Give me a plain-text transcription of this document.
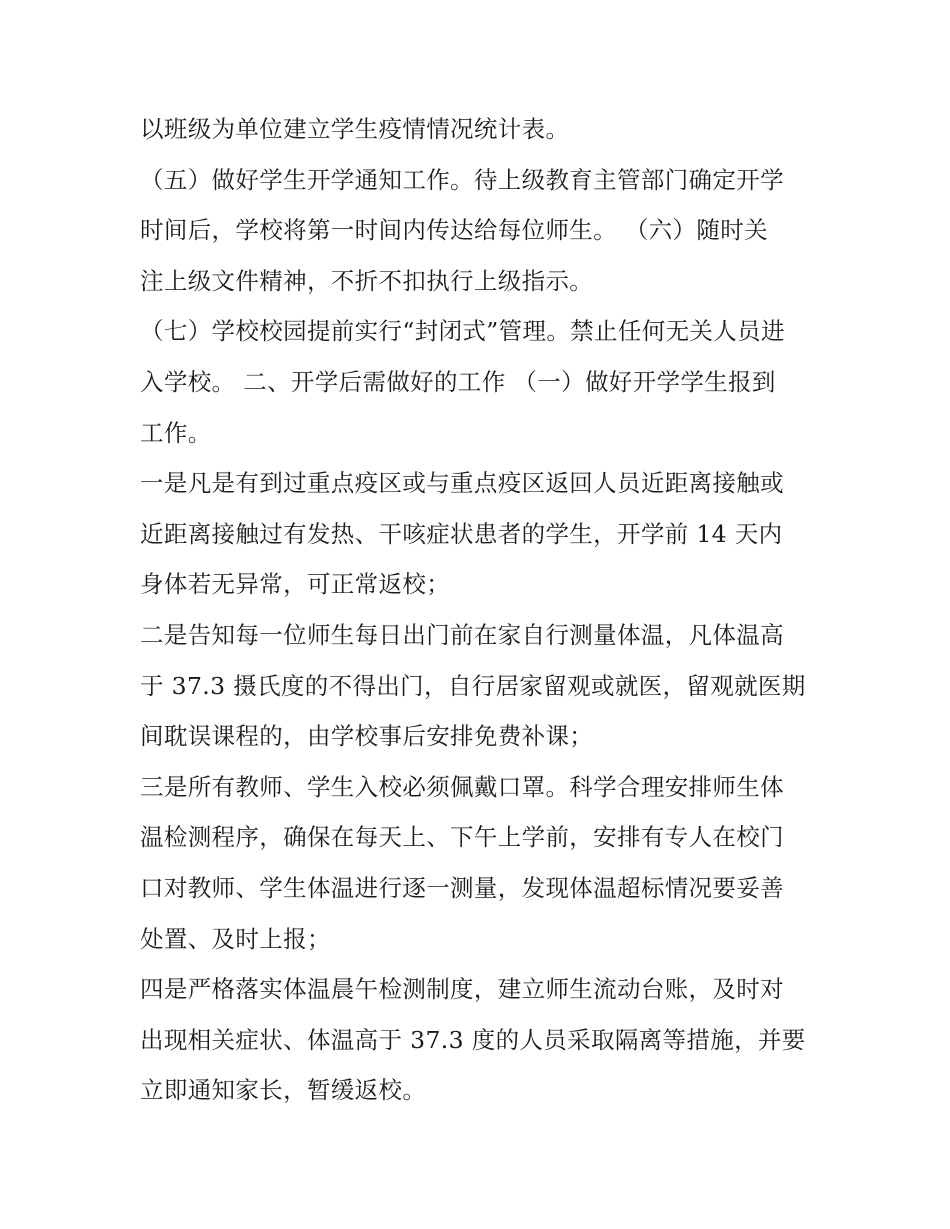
以班级为单位建立学生疫情情况统计表。
（五）做好学生开学通知工作。待上级教育主管部门确定开学
时间后，学校将第一时间内传达给每位师生。 （六）随时关
注上级文件精神，不折不扣执行上级指示。
（七）学校校园提前实行“封闭式”管理。禁止任何无关人员进
入学校。 二、开学后需做好的工作 （一）做好开学学生报到
工作。
一是凡是有到过重点疫区或与重点疫区返回人员近距离接触或
近距离接触过有发热、干咳症状患者的学生，开学前 14 天内
身体若无异常，可正常返校；
二是告知每一位师生每日出门前在家自行测量体温，凡体温高
于 37.3 摄氏度的不得出门，自行居家留观或就医，留观就医期
间耽误课程的，由学校事后安排免费补课；
三是所有教师、学生入校必须佩戴口罩。科学合理安排师生体
温检测程序，确保在每天上、下午上学前，安排有专人在校门
口对教师、学生体温进行逐一测量，发现体温超标情况要妥善
处置、及时上报；
四是严格落实体温晨午检测制度，建立师生流动台账，及时对
出现相关症状、体温高于 37.3 度的人员采取隔离等措施，并要
立即通知家长，暂缓返校。
